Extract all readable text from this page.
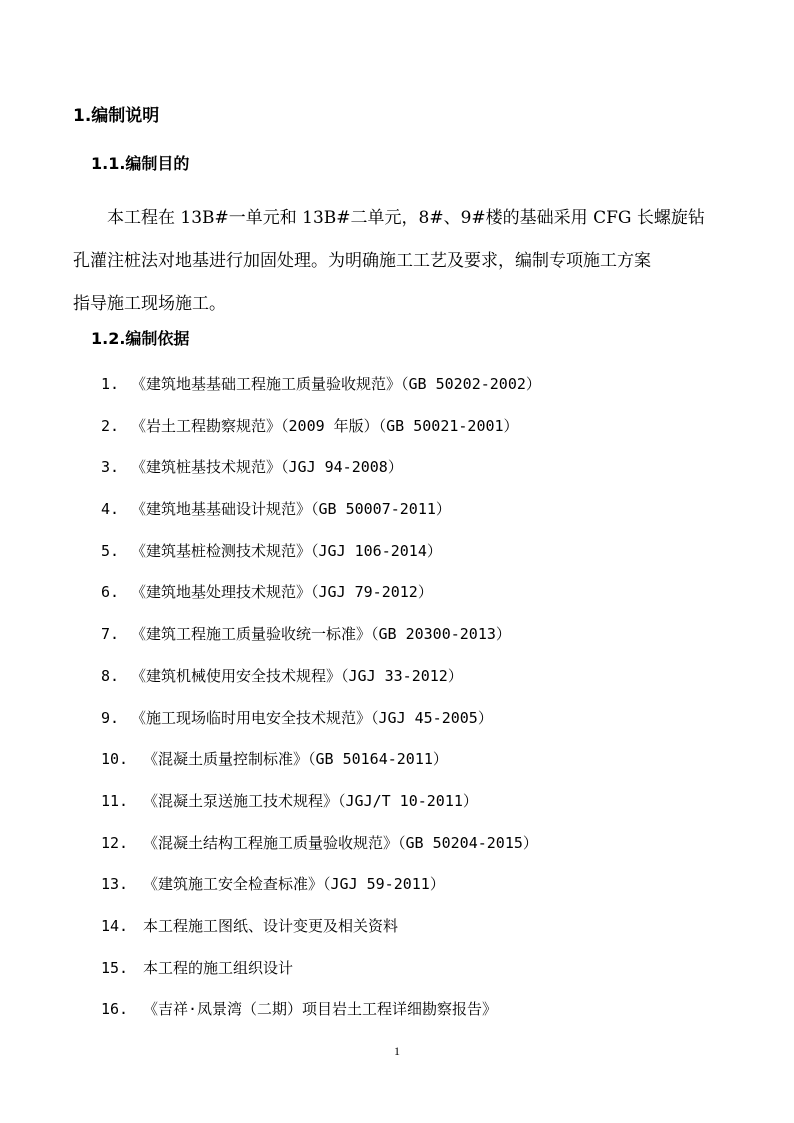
1.编制说明
1.1.编制目的
本工程在 13B#一单元和 13B#二单元，8#、9#楼的基础采用 CFG 长螺旋钻
孔灌注桩法对地基进行加固处理。为明确施工工艺及要求，编制专项施工方案
指导施工现场施工。
1.2.编制依据
1. 《建筑地基基础工程施工质量验收规范》（GB 50202-2002）
2. 《岩土工程勘察规范》（2009 年版）（GB 50021-2001）
3. 《建筑桩基技术规范》（JGJ 94-2008）
4. 《建筑地基基础设计规范》（GB 50007-2011）
5. 《建筑基桩检测技术规范》（JGJ 106-2014）
6. 《建筑地基处理技术规范》（JGJ 79-2012）
7. 《建筑工程施工质量验收统一标准》（GB 20300-2013）
8. 《建筑机械使用安全技术规程》（JGJ 33-2012）
9. 《施工现场临时用电安全技术规范》（JGJ 45-2005）
10. 《混凝土质量控制标准》（GB 50164-2011）
11. 《混凝土泵送施工技术规程》（JGJ/T 10-2011）
12. 《混凝土结构工程施工质量验收规范》（GB 50204-2015）
13. 《建筑施工安全检查标准》（JGJ 59-2011）
14. 本工程施工图纸、设计变更及相关资料
15. 本工程的施工组织设计
16. 《吉祥·凤景湾（二期）项目岩土工程详细勘察报告》
1
